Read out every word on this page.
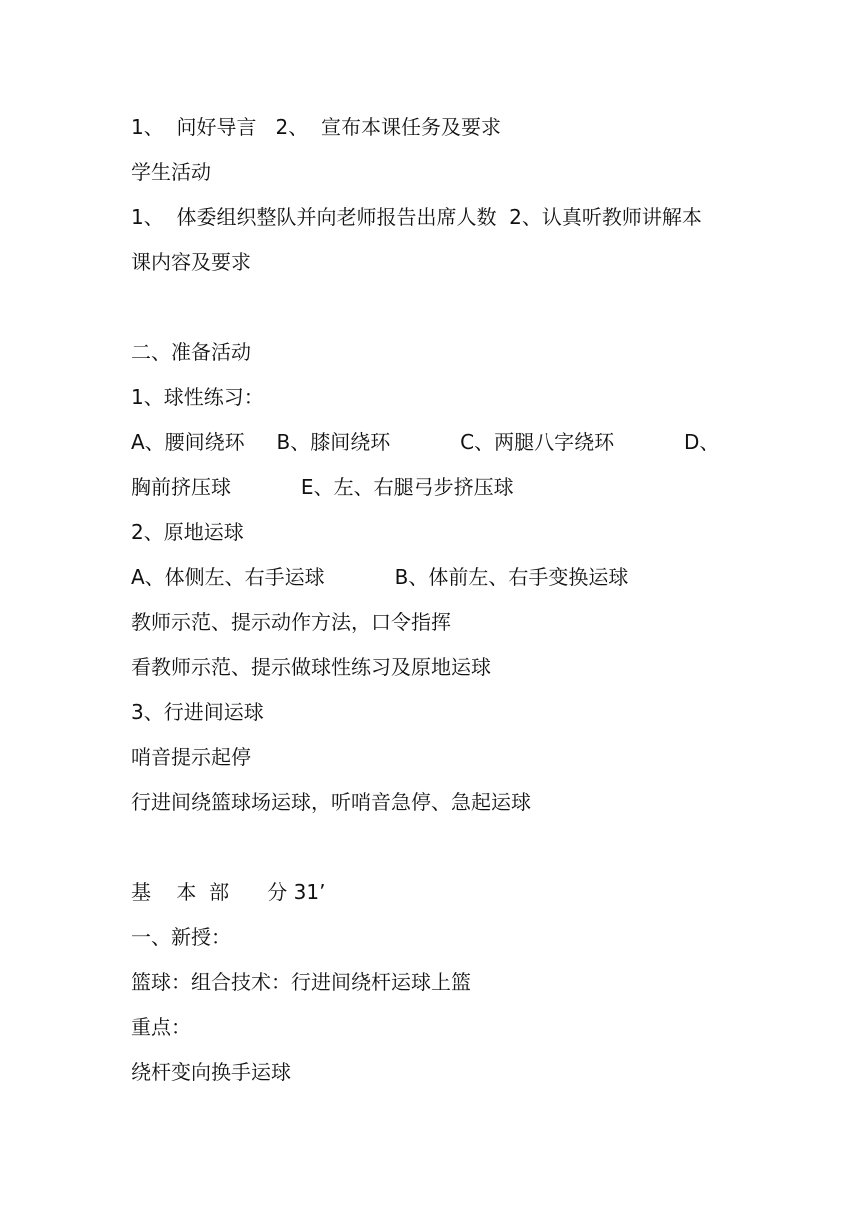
1、  问好导言   2、  宣布本课任务及要求
学生活动
1、  体委组织整队并向老师报告出席人数  2、认真听教师讲解本
课内容及要求
二、准备活动
1、球性练习：
A、腰间绕环     B、膝间绕环           C、两腿八字绕环           D、
胸前挤压球           E、左、右腿弓步挤压球
2、原地运球
A、体侧左、右手运球           B、体前左、右手变换运球
教师示范、提示动作方法，口令指挥
看教师示范、提示做球性练习及原地运球
3、行进间运球
哨音提示起停
行进间绕篮球场运球，听哨音急停、急起运球
基    本  部      分 31’
一、新授：
篮球：组合技术：行进间绕杆运球上篮
重点：
绕杆变向换手运球
